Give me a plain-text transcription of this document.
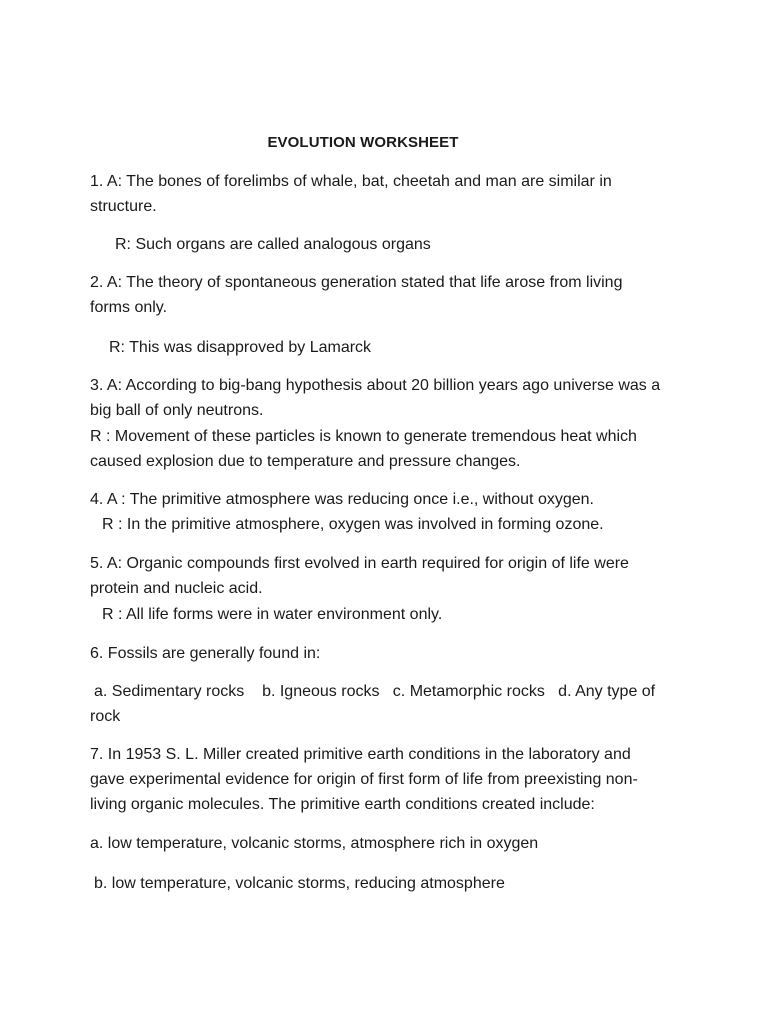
EVOLUTION WORKSHEET
1. A: The bones of forelimbs of whale, bat, cheetah and man are similar in
structure.
R: Such organs are called analogous organs
2. A: The theory of spontaneous generation stated that life arose from living
forms only.
R: This was disapproved by Lamarck
3. A: According to big-bang hypothesis about 20 billion years ago universe was a
big ball of only neutrons.
R : Movement of these particles is known to generate tremendous heat which
caused explosion due to temperature and pressure changes.
4. A : The primitive atmosphere was reducing once i.e., without oxygen.
R : In the primitive atmosphere, oxygen was involved in forming ozone.
5. A: Organic compounds first evolved in earth required for origin of life were
protein and nucleic acid.
R : All life forms were in water environment only.
6. Fossils are generally found in:
a. Sedimentary rocks    b. Igneous rocks   c. Metamorphic rocks   d. Any type of
rock
7. In 1953 S. L. Miller created primitive earth conditions in the laboratory and
gave experimental evidence for origin of first form of life from preexisting non-
living organic molecules. The primitive earth conditions created include:
a. low temperature, volcanic storms, atmosphere rich in oxygen
b. low temperature, volcanic storms, reducing atmosphere
